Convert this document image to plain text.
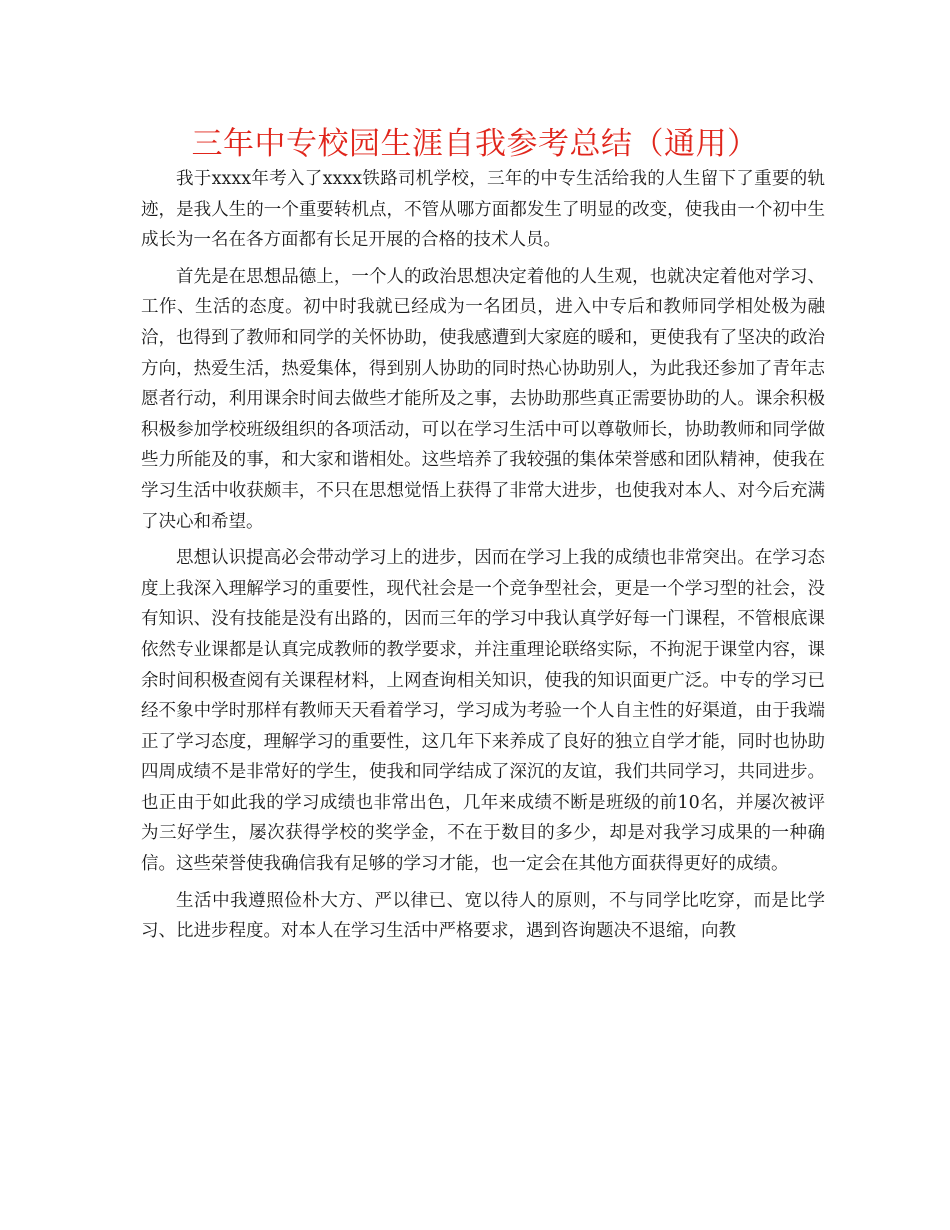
三年中专校园生涯自我参考总结（通用）

我于xxxx年考入了xxxx铁路司机学校，三年的中专生活给我的人生留下了重要的轨迹，是我人生的一个重要转机点，不管从哪方面都发生了明显的改变，使我由一个初中生成长为一名在各方面都有长足开展的合格的技术人员。

首先是在思想品德上，一个人的政治思想决定着他的人生观，也就决定着他对学习、工作、生活的态度。初中时我就已经成为一名团员，进入中专后和教师同学相处极为融洽，也得到了教师和同学的关怀协助，使我感遭到大家庭的暖和，更使我有了坚决的政治方向，热爱生活，热爱集体，得到别人协助的同时热心协助别人，为此我还参加了青年志愿者行动，利用课余时间去做些才能所及之事，去协助那些真正需要协助的人。课余积极积极参加学校班级组织的各项活动，可以在学习生活中可以尊敬师长，协助教师和同学做些力所能及的事，和大家和谐相处。这些培养了我较强的集体荣誉感和团队精神，使我在学习生活中收获颇丰，不只在思想觉悟上获得了非常大进步，也使我对本人、对今后充满了决心和希望。

思想认识提高必会带动学习上的进步，因而在学习上我的成绩也非常突出。在学习态度上我深入理解学习的重要性，现代社会是一个竞争型社会，更是一个学习型的社会，没有知识、没有技能是没有出路的，因而三年的学习中我认真学好每一门课程，不管根底课依然专业课都是认真完成教师的教学要求，并注重理论联络实际，不拘泥于课堂内容，课余时间积极查阅有关课程材料，上网查询相关知识，使我的知识面更广泛。中专的学习已经不象中学时那样有教师天天看着学习，学习成为考验一个人自主性的好渠道，由于我端正了学习态度，理解学习的重要性，这几年下来养成了良好的独立自学才能，同时也协助四周成绩不是非常好的学生，使我和同学结成了深沉的友谊，我们共同学习，共同进步。也正由于如此我的学习成绩也非常出色，几年来成绩不断是班级的前10名，并屡次被评为三好学生，屡次获得学校的奖学金，不在于数目的多少，却是对我学习成果的一种确信。这些荣誉使我确信我有足够的学习才能，也一定会在其他方面获得更好的成绩。

生活中我遵照俭朴大方、严以律已、宽以待人的原则，不与同学比吃穿，而是比学习、比进步程度。对本人在学习生活中严格要求，遇到咨询题决不退缩，向教
